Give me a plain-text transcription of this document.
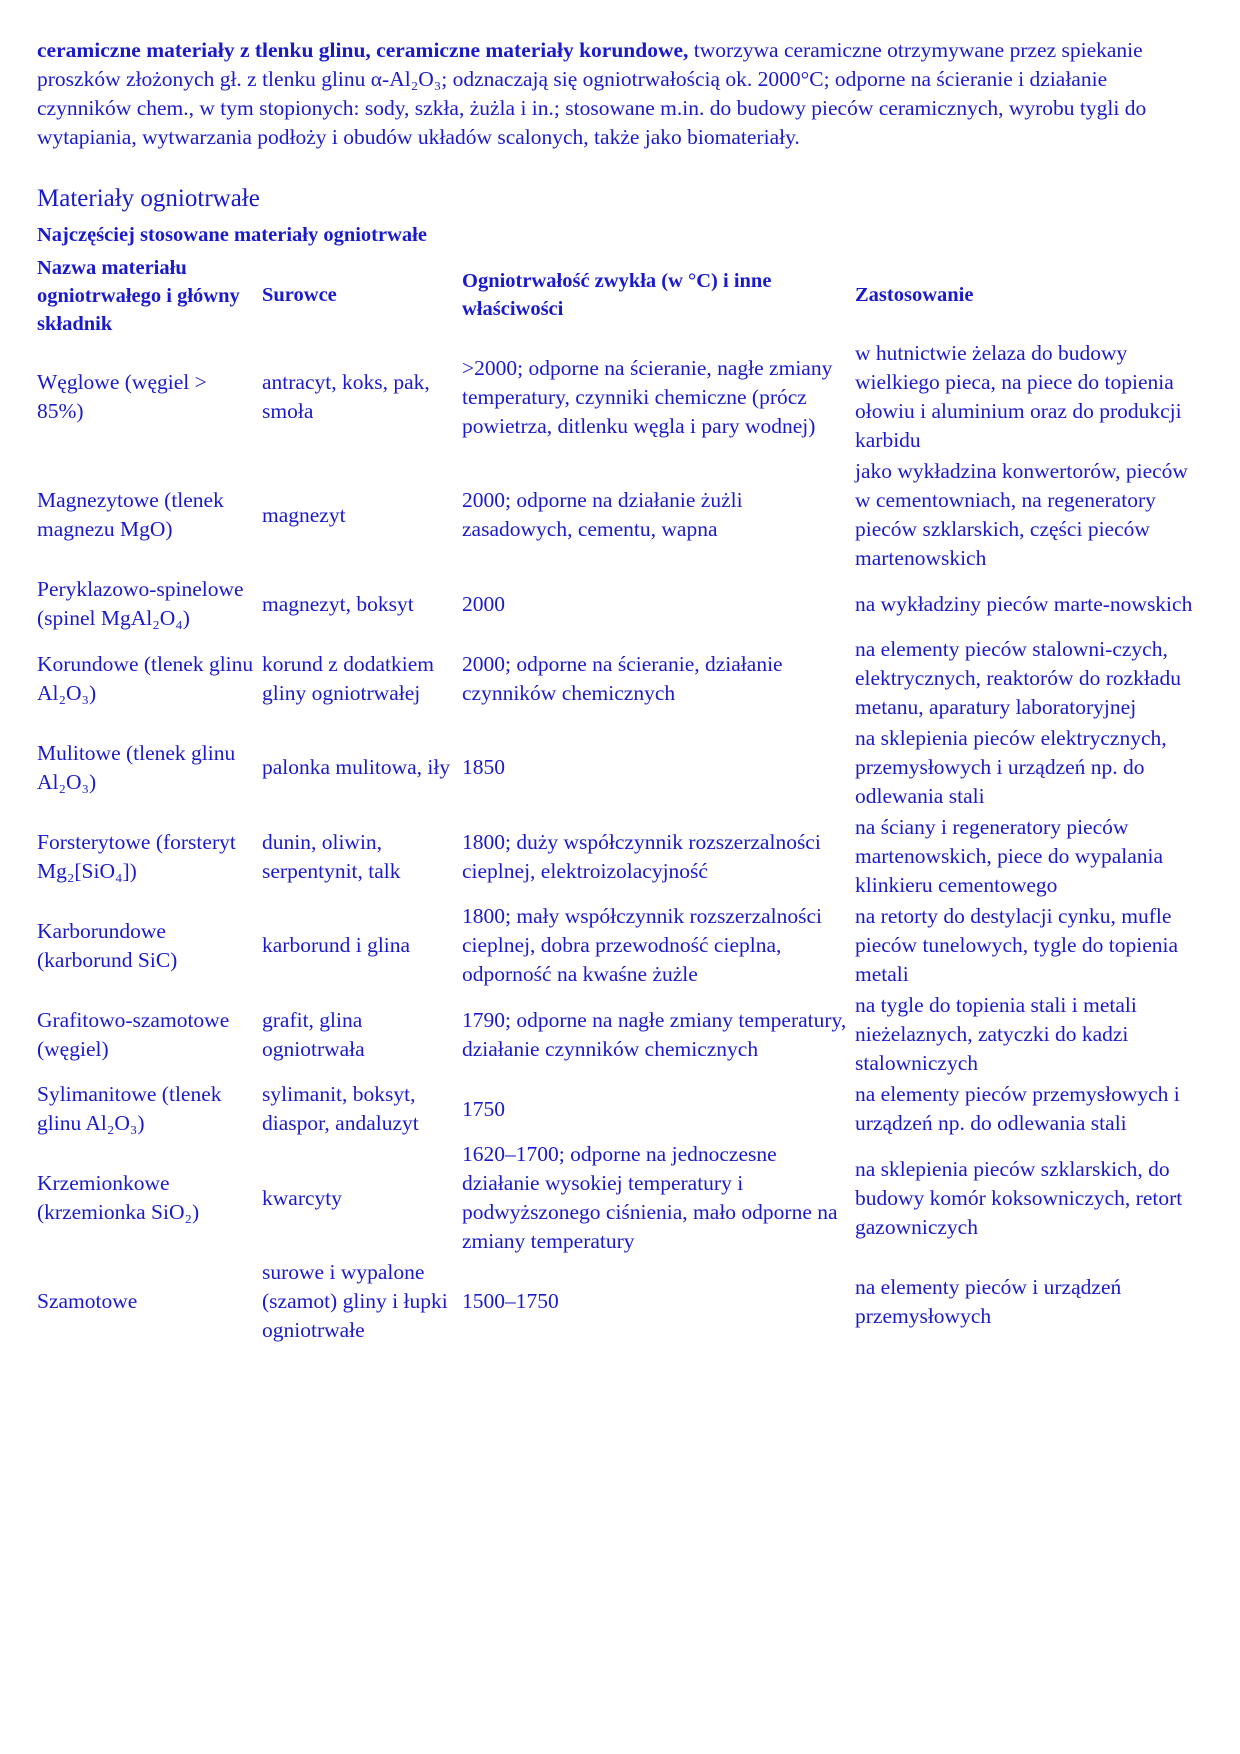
ceramiczne materiały z tlenku glinu, ceramiczne materiały korundowe, tworzywa ceramiczne otrzymywane przez spiekanie proszków złożonych gł. z tlenku glinu α-Al₂O₃; odznaczają się ogniotrwałością ok. 2000°C; odporne na ścieranie i działanie czynników chem., w tym stopionych: sody, szkła, żużla i in.; stosowane m.in. do budowy pieców ceramicznych, wyrobu tygli do wytapiania, wytwarzania podłoży i obudów układów scalonych, także jako biomateriały.

Materiały ogniotrwałe

Najczęściej stosowane materiały ogniotrwałe

Nazwa materiału ogniotrwałego i główny składnik	Surowce	Ogniotrwałość zwykła (w °C) i inne właściwości	Zastosowanie
Węglowe (węgiel > 85%)	antracyt, koks, pak, smoła	>2000; odporne na ścieranie, nagłe zmiany temperatury, czynniki chemiczne (prócz powietrza, ditlenku węgla i pary wodnej)	w hutnictwie żelaza do budowy wielkiego pieca, na piece do topienia ołowiu i aluminium oraz do produkcji karbidu
Magnezytowe (tlenek magnezu MgO)	magnezyt	2000; odporne na działanie żużli zasadowych, cementu, wapna	jako wykładzina konwertorów, pieców w cementowniach, na regeneratory pieców szklarskich, części pieców martenowskich
Peryklazowo-spinelowe (spinel MgAl₂O₄)	magnezyt, boksyt	2000	na wykładziny pieców marte-nowskich
Korundowe (tlenek glinu Al₂O₃)	korund z dodatkiem gliny ogniotrwałej	2000; odporne na ścieranie, działanie czynników chemicznych	na elementy pieców stalowni-czych, elektrycznych, reaktorów do rozkładu metanu, aparatury laboratoryjnej
Mulitowe (tlenek glinu Al₂O₃)	palonka mulitowa, iły	1850	na sklepienia pieców elektrycznych, przemysłowych i urządzeń np. do odlewania stali
Forsterytowe (forsteryt Mg₂[SiO₄])	dunin, oliwin, serpentynit, talk	1800; duży współczynnik rozszerzalności cieplnej, elektroizolacyjność	na ściany i regeneratory pieców martenowskich, piece do wypalania klinkieru cementowego
Karborundowe (karborund SiC)	karborund i glina	1800; mały współczynnik rozszerzalności cieplnej, dobra przewodność cieplna, odporność na kwaśne żużle	na retorty do destylacji cynku, mufle pieców tunelowych, tygle do topienia metali
Grafitowo-szamotowe (węgiel)	grafit, glina ogniotrwała	1790; odporne na nagłe zmiany temperatury, działanie czynników chemicznych	na tygle do topienia stali i metali nieżelaznych, zatyczki do kadzi stalowniczych
Sylimanitowe (tlenek glinu Al₂O₃)	sylimanit, boksyt, diaspor, andaluzyt	1750	na elementy pieców przemysłowych i urządzeń np. do odlewania stali
Krzemionkowe (krzemionka SiO₂)	kwarcyty	1620–1700; odporne na jednoczesne działanie wysokiej temperatury i podwyższonego ciśnienia, mało odporne na zmiany temperatury	na sklepienia pieców szklarskich, do budowy komór koksowniczych, retort gazowniczych
Szamotowe	surowe i wypalone (szamot) gliny i łupki ogniotrwałe	1500–1750	na elementy pieców i urządzeń przemysłowych
